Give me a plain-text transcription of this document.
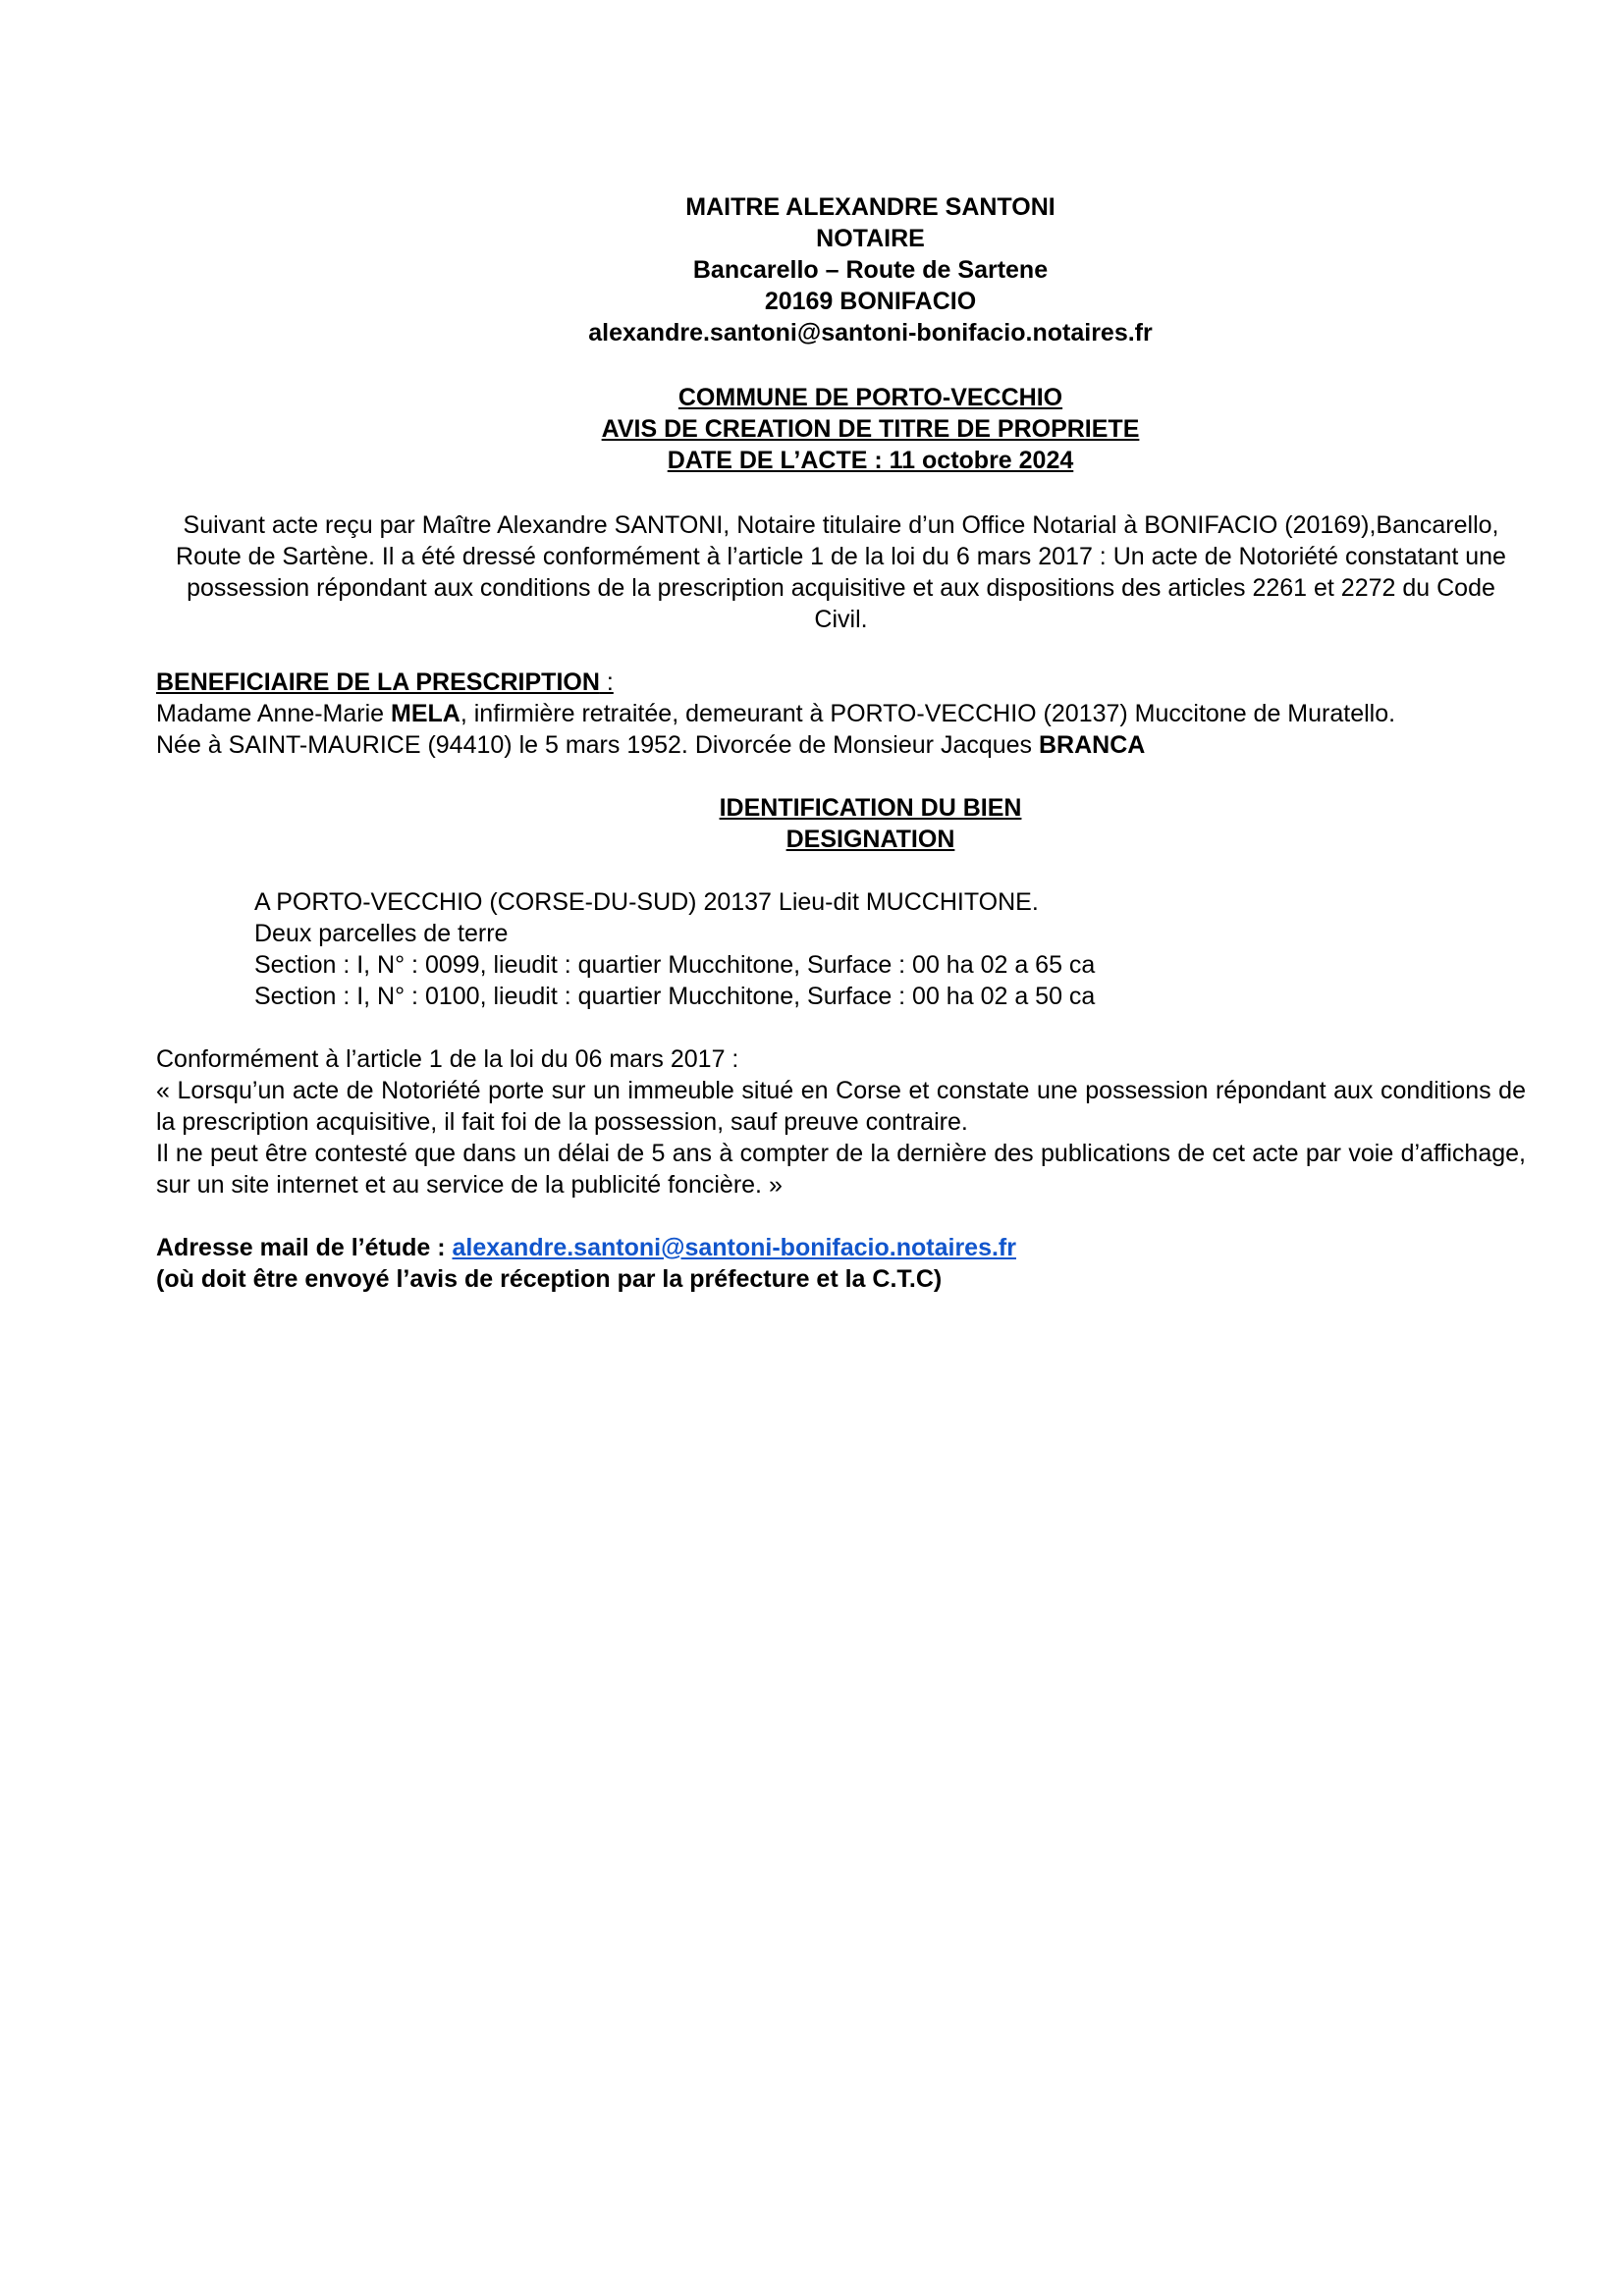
MAITRE ALEXANDRE SANTONI

NOTAIRE

Bancarello – Route de Sartene

20169 BONIFACIO

alexandre.santoni@santoni-bonifacio.notaires.fr

COMMUNE DE PORTO-VECCHIO

AVIS DE CREATION DE TITRE DE PROPRIETE

DATE DE L’ACTE : 11 octobre 2024

Suivant acte reçu par Maître Alexandre SANTONI, Notaire titulaire d’un Office Notarial à BONIFACIO (20169),Bancarello, Route de Sartène. Il a été dressé conformément à l’article 1 de la loi du 6 mars 2017 : Un acte de Notoriété constatant une possession répondant aux conditions de la prescription acquisitive et aux dispositions des articles 2261 et 2272 du Code Civil.

BENEFICIAIRE DE LA PRESCRIPTION :

Madame Anne-Marie MELA, infirmière retraitée, demeurant à PORTO-VECCHIO (20137) Muccitone de Muratello. Née à SAINT-MAURICE (94410) le 5 mars 1952. Divorcée de Monsieur Jacques BRANCA

IDENTIFICATION DU BIEN

DESIGNATION

A PORTO-VECCHIO (CORSE-DU-SUD) 20137 Lieu-dit MUCCHITONE.

Deux parcelles de terre

Section : I, N° : 0099, lieudit : quartier Mucchitone, Surface : 00 ha 02 a 65 ca

Section : I, N° : 0100, lieudit : quartier Mucchitone, Surface : 00 ha 02 a 50 ca

Conformément à l’article 1 de la loi du 06 mars 2017 :

« Lorsqu’un acte de Notoriété porte sur un immeuble situé en Corse et constate une possession répondant aux conditions de la prescription acquisitive, il fait foi de la possession, sauf preuve contraire.

Il ne peut être contesté que dans un délai de 5 ans à compter de la dernière des publications de cet acte par voie d’affichage, sur un site internet et au service de la publicité foncière. »

Adresse mail de l’étude : alexandre.santoni@santoni-bonifacio.notaires.fr

(où doit être envoyé l’avis de réception par la préfecture et la C.T.C)
